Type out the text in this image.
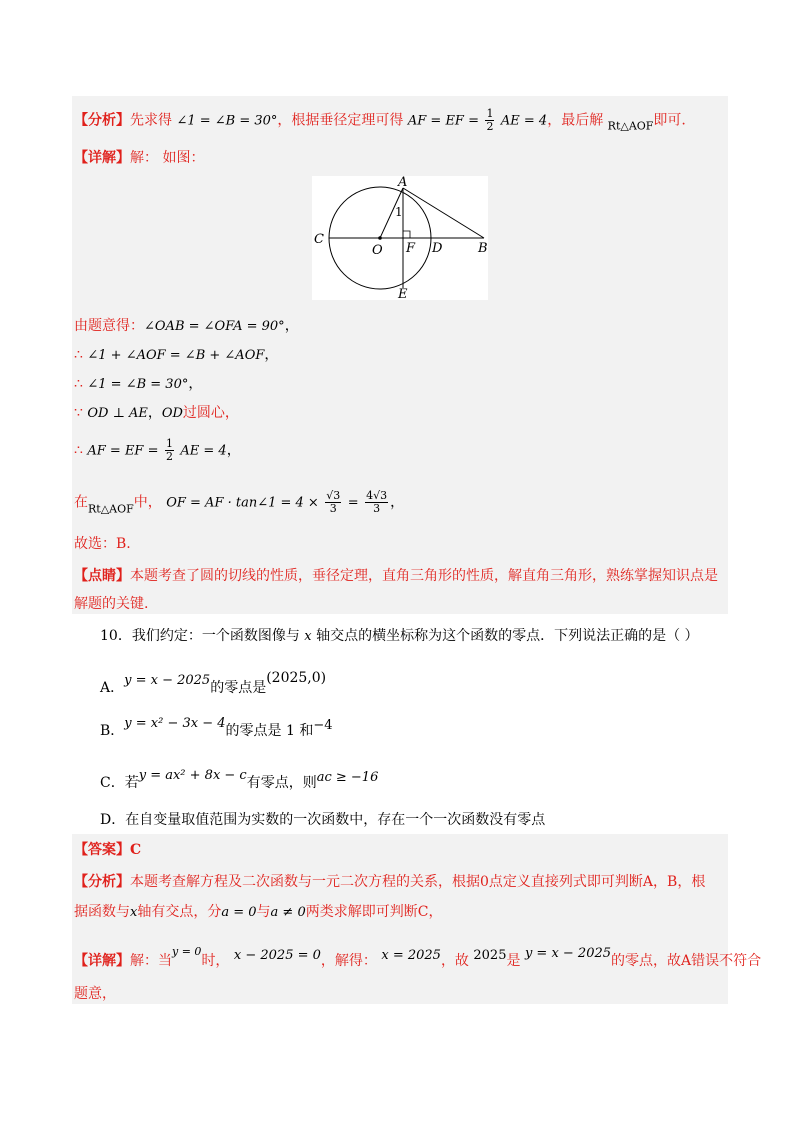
【分析】先求得 ∠1 = ∠B = 30°，根据垂径定理可得 AF = EF = $\frac{1}{2}$ AE = 4，最后解 $_{Rt\triangle AOF}$即可.
【详解】解： 如图：
A
C
O F D	B
E
1
由题意得：∠OAB = ∠OFA = 90°，
∴ ∠1 + ∠AOF = ∠B + ∠AOF，
∴ ∠1 = ∠B = 30°，
∵ OD ⊥ AE，OD过圆心，
∴ AF = EF = $\frac{1}{2}$ AE = 4，
在$_{Rt\triangle AOF}$中， OF = AF · tan∠1 = $4 \times \frac{√3}{3} = \frac{4√3}{3}$ ，
故选：B.
【点睛】本题考查了圆的切线的性质，垂径定理，直角三角形的性质，解直角三角形，熟练掌握知识点是
解题的关键.
10．我们约定：一个函数图像与 x 轴交点的横坐标称为这个函数的零点．下列说法正确的是（ ）
A．y = x − 2025的零点是(2025,0)
B．y = x² − 3x − 4的零点是 1 和−4
C．若y = ax² + 8x − c有零点，则ac ≥ −16
D．在自变量取值范围为实数的一次函数中，存在一个一次函数没有零点
【答案】C
【分析】本题考查解方程及二次函数与一元二次方程的关系，根据0点定义直接列式即可判断A，B，根
据函数与x轴有交点，分a = 0与a ≠ 0两类求解即可判断C，
【详解】解：当$^{y = 0}$时， x − 2025 = 0，解得： x = 2025，故 2025是 y = x − 2025的零点，故A错误不符合
题意，
